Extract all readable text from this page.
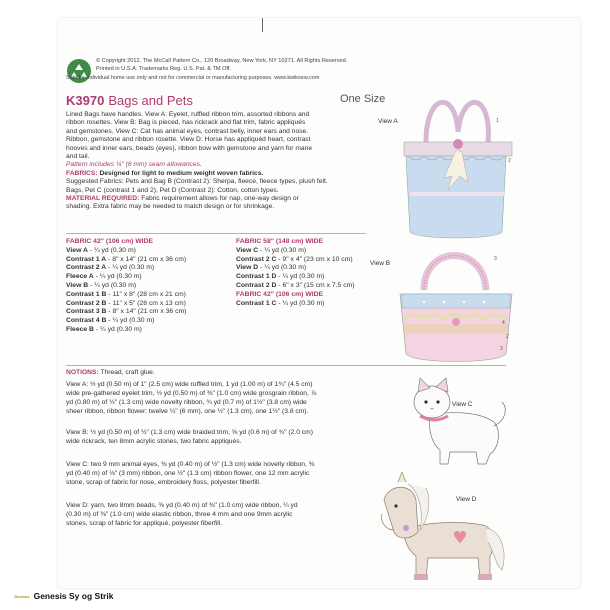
© Copyright 2012, The McCall Pattern Co., 120 Broadway, New York, NY 10271. All Rights Reserved.
Printed in U.S.A. Trademarks Reg. U.S. Pat. & TM Off.
Sold for individual home use only and not for commercial or manufacturing purposes. www.kwiksew.com
K3970 Bags and Pets	One Size
Lined Bags have handles. View A: Eyelet, ruffled ribbon trim, assorted ribbons and
ribbon rosettes. View B: Bag is pieced, has rickrack and flat trim, fabric appliqués
and gemstones. View C: Cat has animal eyes, contrast belly, inner ears and nose.
Ribbon, gemstone and ribbon rosette. View D: Horse has appliquéd heart, contrast
hooves and inner ears, beads (eyes), ribbon bow with gemstone and yarn for mane
and tail.
Pattern includes ¼" (6 mm) seam allowances.
FABRICS: Designed for light to medium weight woven fabrics.
Suggested Fabrics: Pets and Bag B (Contrast 2): Sherpa, fleece, fleece types, plush felt.
Bags, Pet C (contrast 1 and 2), Pet D (Contrast 2): Cotton, cotton types.
MATERIAL REQUIRED: Fabric requirement allows for nap, one-way design or
shading. Extra fabric may be needed to match design or for shrinkage.
FABRIC 42" (106 cm) WIDE
View A - ¼ yd (0.30 m)
Contrast 1 A - 8" x 14" (21 cm x 36 cm)
Contrast 2 A - ¼ yd (0.30 m)
Fleece A - ¼ yd (0.30 m)
View B - ¼ yd (0.30 m)
Contrast 1 B - 11" x 8" (28 cm x 21 cm)
Contrast 2 B - 11" x 5" (28 cm x 13 cm)
Contrast 3 B - 8" x 14" (21 cm x 36 cm)
Contrast 4 B - ¼ yd (0.30 m)
Fleece B - ¼ yd (0.30 m)
FABRIC 58" (148 cm) WIDE
View C - ¼ yd (0.30 m)
Contrast 2 C - 9" x 4" (23 cm x 10 cm)
View D - ¼ yd (0.30 m)
Contrast 1 D - ¼ yd (0.30 m)
Contrast 2 D - 6" x 3" (15 cm x 7.5 cm)
FABRIC 42" (106 cm) WIDE
Contrast 1 C - ¼ yd (0.30 m)
NOTIONS: Thread, craft glue.
View A: ½ yd (0.50 m) of 1" (2.5 cm) wide ruffled trim, 1 yd (1.00 m) of 1¾" (4.5 cm)
wide pre-gathered eyelet trim, ½ yd (0.50 m) of ⅜" (1.0 cm) wide grosgrain ribbon, ⅞
yd (0.80 m) of ½" (1.3 cm) wide novelty ribbon, ¾ yd (0.7 m) of 1½" (3.8 cm) wide
sheer ribbon, ribbon flower: twelve ¼" (6 mm), one ½" (1.3 cm), one 1½" (3.8 cm).
View B: ½ yd (0.50 m) of ½" (1.3 cm) wide braided trim, ⅝ yd (0.6 m) of ¾" (2.0 cm)
wide rickrack, ten 8mm acrylic stones, two fabric appliqués.
View C: two 9 mm animal eyes, ⅜ yd (0.40 m) of ½" (1.3 cm) wide novelty ribbon, ⅜
yd (0.40 m) of ⅛" (3 mm) ribbon, one ½" (1.3 cm) ribbon flower, one 12 mm acrylic
stone, scrap of fabric for nose, embroidery floss, polyester fiberfill.
View D: yarn, two 8mm beads, ⅜ yd (0.40 m) of ⅜" (1.0 cm) wide ribbon, ¼ yd
(0.30 m) of ⅜" (1.0 cm) wide elastic ribbon, three 4 mm and one 9mm acrylic
stones, scrap of fabric for appliqué, polyester fiberfill.
View A
View B
View C
View D
1
2
3
4
2
3
Genesis Genesis Sy og Strik
